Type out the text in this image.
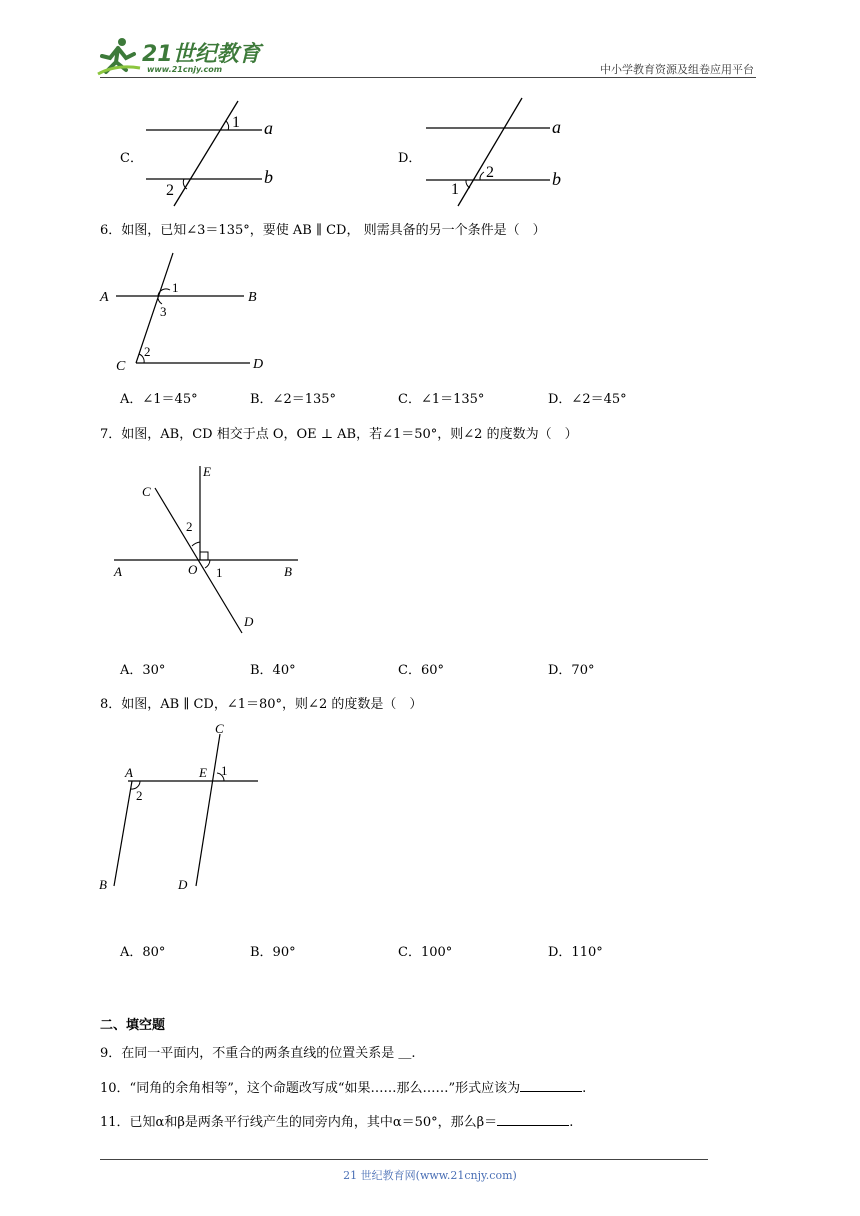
21世纪教育
www.21cnjy.com	中小学教育资源及组卷应用平台
C．
1
2
a
b
D．
2
1
a
b
6．如图，已知∠3＝135°，要使 AB ∥ CD， 则需具备的另一个条件是（　）
A	B
C	D
1
3
2
A．∠1＝45°	B．∠2＝135°	C．∠1＝135°	D．∠2＝45°
7．如图，AB，CD 相交于点 O，OE ⊥ AB，若∠1＝50°，则∠2 的度数为（　）
A	B
C
D
E
O
2
1
A．30°	B．40°	C．60°	D．70°
8．如图，AB ∥ CD，∠1＝80°，则∠2 的度数是（　）
A
B
C
D
E 1
2
A．80°	B．90°	C．100°	D．110°
二、填空题
9．在同一平面内，不重合的两条直线的位置关系是 ＿.
10．“同角的余角相等”，这个命题改写成“如果……那么……”形式应该为	.
11．已知α和β是两条平行线产生的同旁内角，其中α＝50°，那么β＝	.
21 世纪教育网(www.21cnjy.com)
